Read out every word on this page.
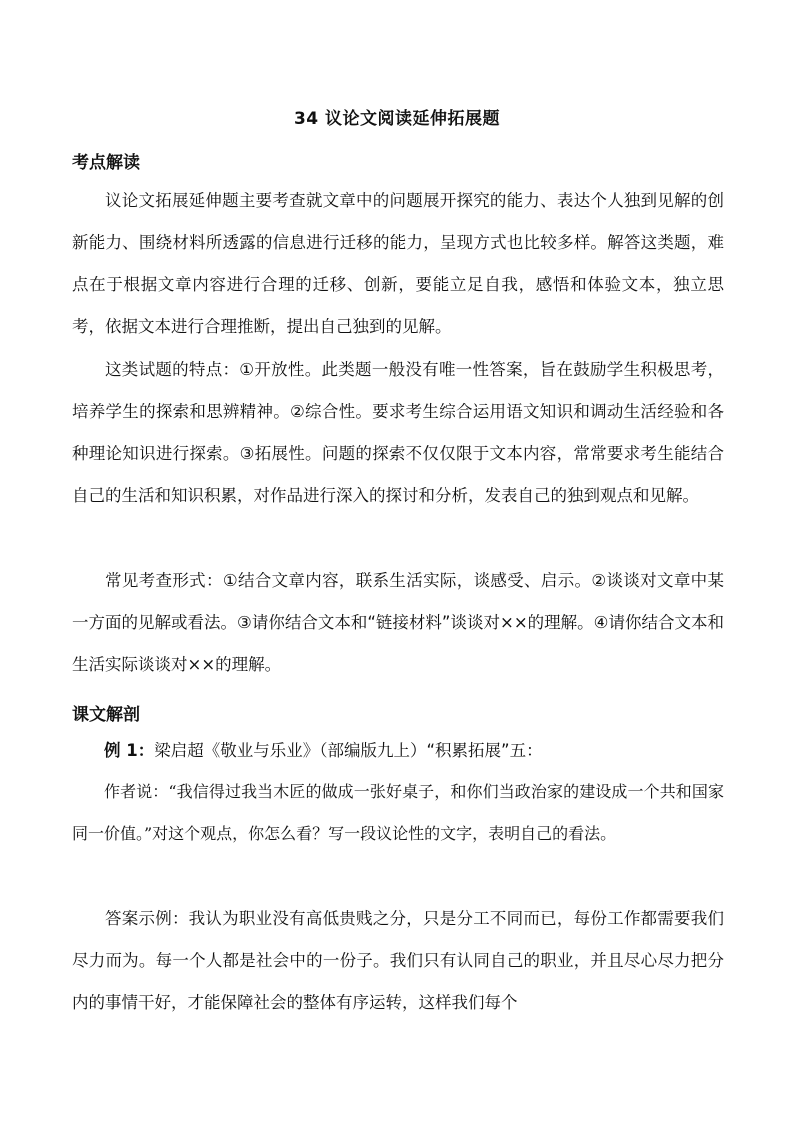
34 议论文阅读延伸拓展题
考点解读
议论文拓展延伸题主要考查就文章中的问题展开探究的能力、表达个人独到见解的创新能力、围绕材料所透露的信息进行迁移的能力，呈现方式也比较多样。解答这类题，难点在于根据文章内容进行合理的迁移、创新，要能立足自我，感悟和体验文本，独立思考，依据文本进行合理推断，提出自己独到的见解。
这类试题的特点：①开放性。此类题一般没有唯一性答案，旨在鼓励学生积极思考，培养学生的探索和思辨精神。②综合性。要求考生综合运用语文知识和调动生活经验和各种理论知识进行探索。③拓展性。问题的探索不仅仅限于文本内容，常常要求考生能结合自己的生活和知识积累，对作品进行深入的探讨和分析，发表自己的独到观点和见解。
常见考查形式：①结合文章内容，联系生活实际，谈感受、启示。②谈谈对文章中某一方面的见解或看法。③请你结合文本和“链接材料”谈谈对××的理解。④请你结合文本和生活实际谈谈对××的理解。
课文解剖
例 1：梁启超《敬业与乐业》（部编版九上）“积累拓展”五：
作者说：“我信得过我当木匠的做成一张好桌子，和你们当政治家的建设成一个共和国家同一价值。”对这个观点，你怎么看？写一段议论性的文字，表明自己的看法。
答案示例：我认为职业没有高低贵贱之分，只是分工不同而已，每份工作都需要我们尽力而为。每一个人都是社会中的一份子。我们只有认同自己的职业，并且尽心尽力把分内的事情干好，才能保障社会的整体有序运转，这样我们每个
